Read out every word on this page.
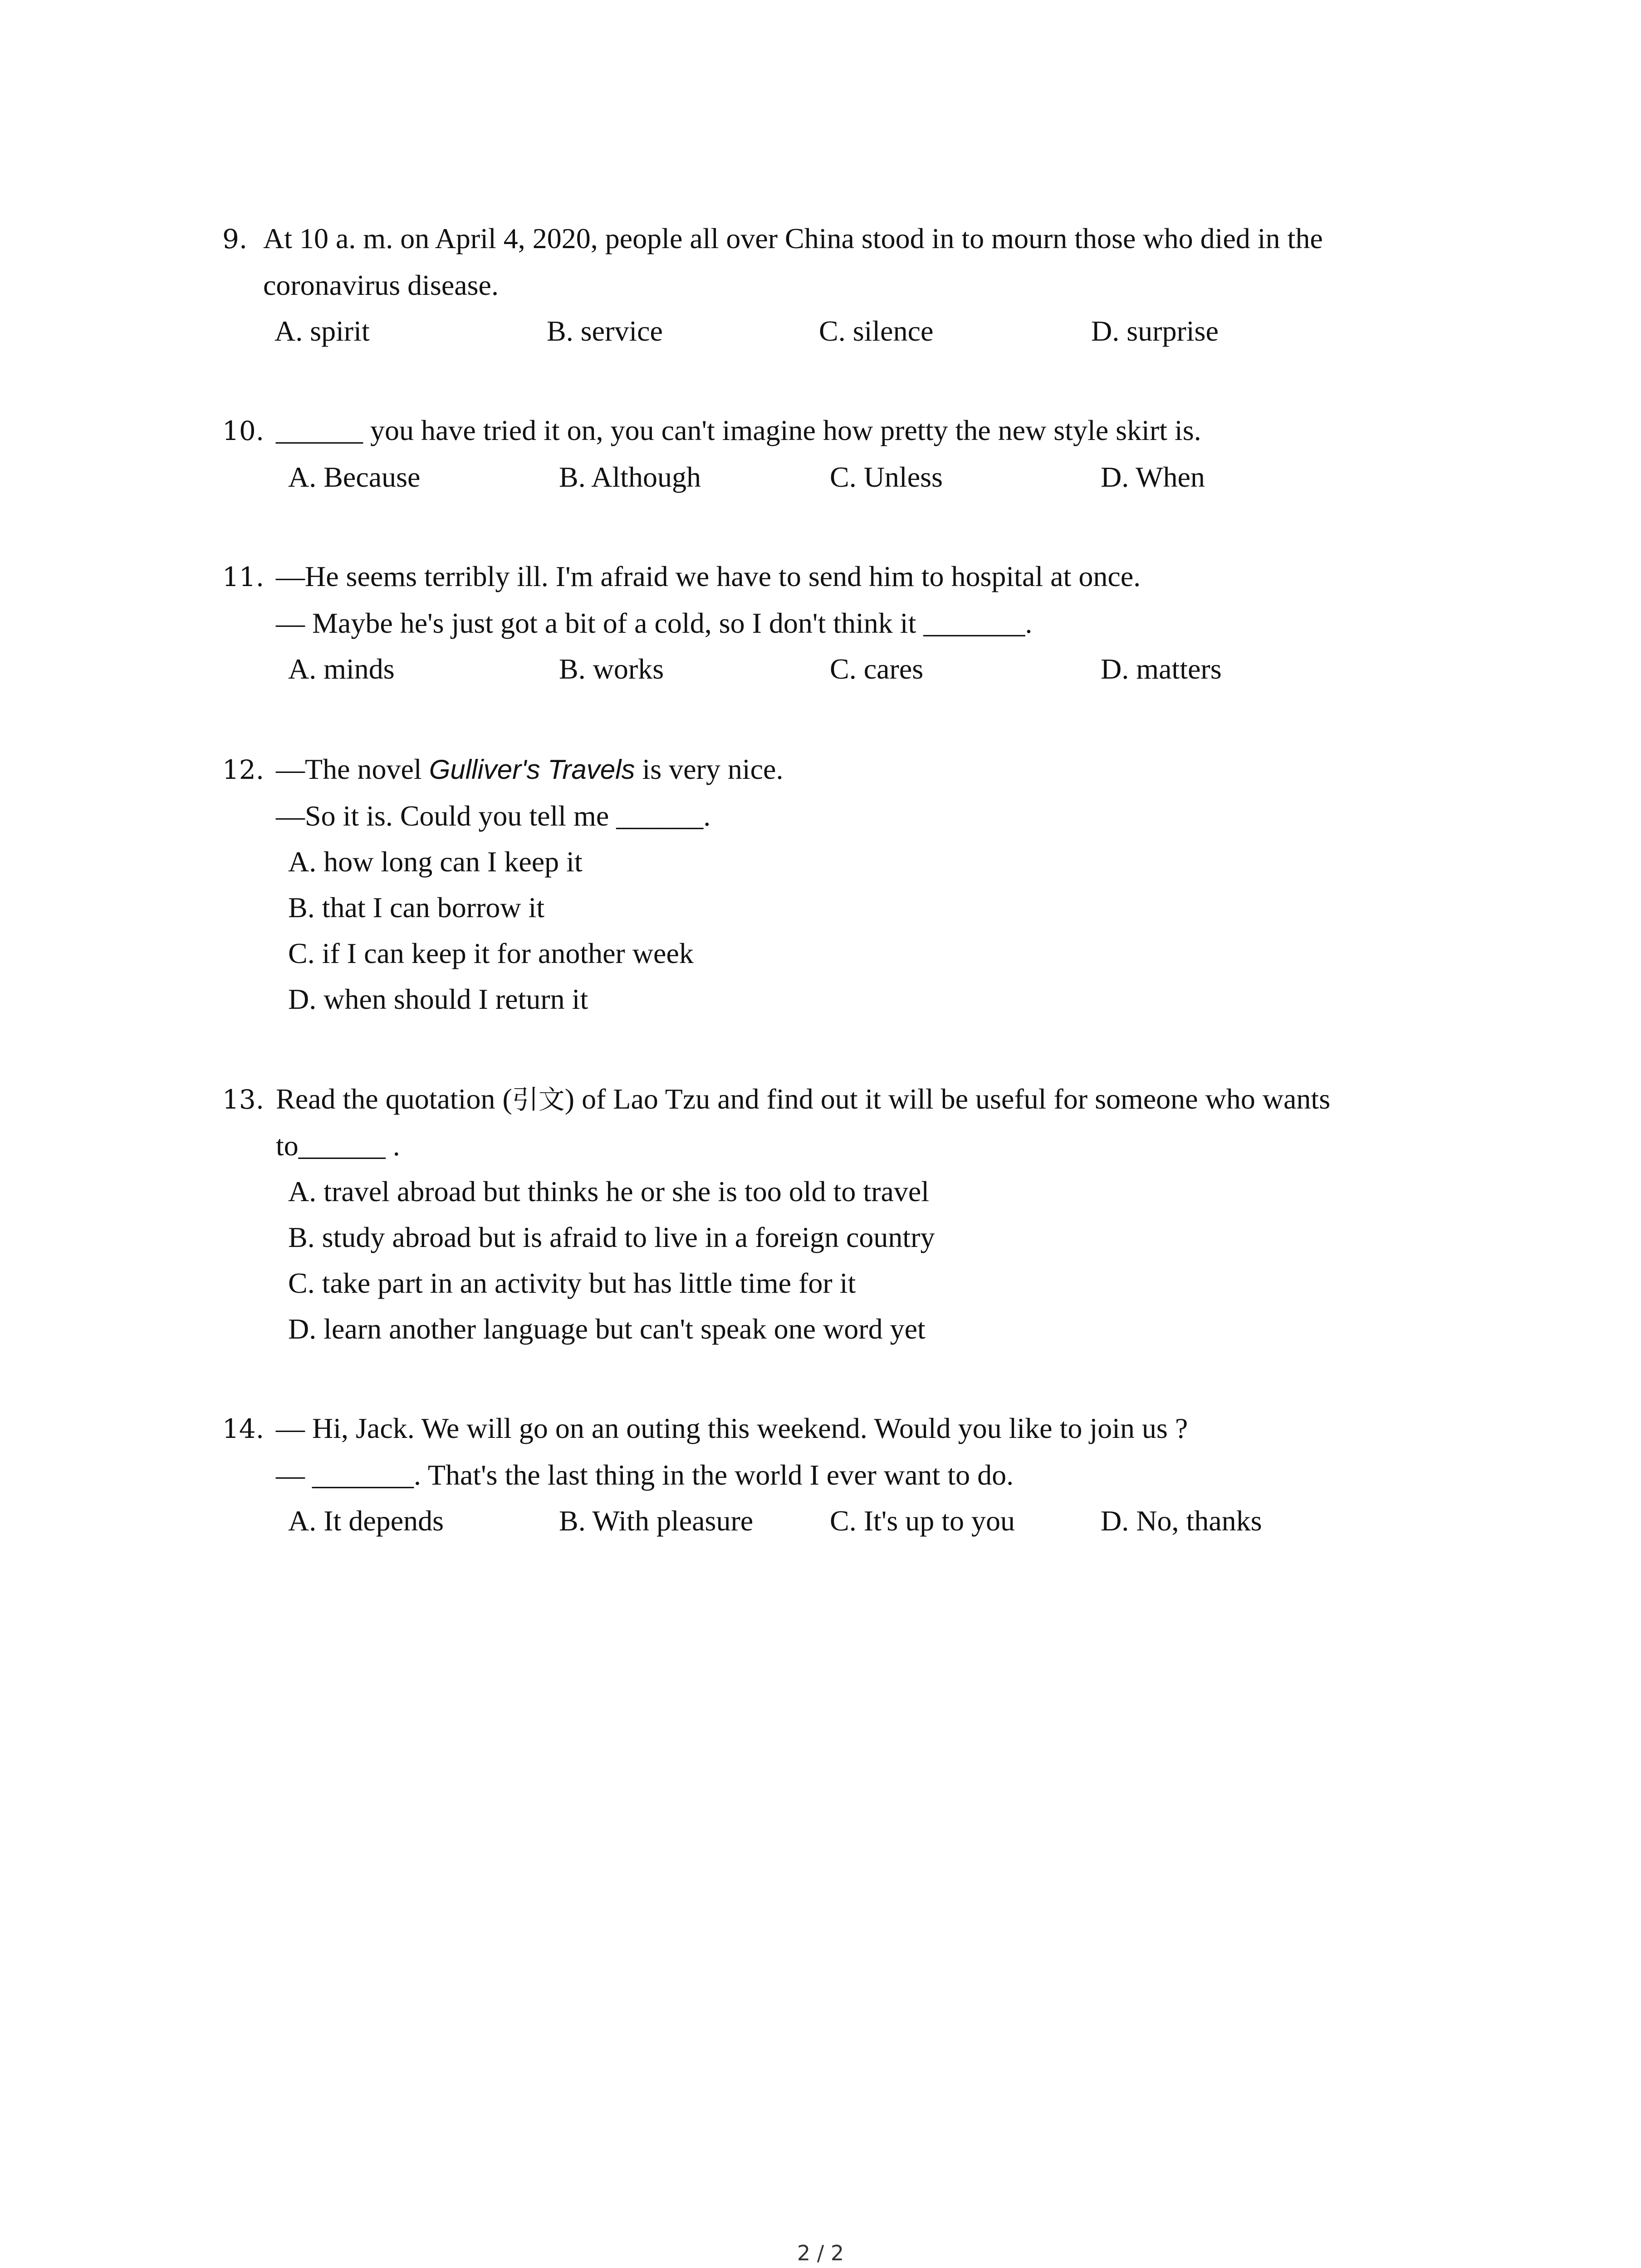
9. At 10 a. m. on April 4, 2020, people all over China stood in to mourn those who died in the
coronavirus disease.
A. spirit	B. service	C. silence	D. surprise
10. ______ you have tried it on, you can't imagine how pretty the new style skirt is.
A. Because	B. Although	C. Unless	D. When
11. —He seems terribly ill. I'm afraid we have to send him to hospital at once.
— Maybe he's just got a bit of a cold, so I don't think it _______.
A. minds	B. works	C. cares	D. matters
12. —The novel Gulliver's Travels is very nice.
—So it is. Could you tell me ______.
A. how long can I keep it
B. that I can borrow it
C. if I can keep it for another week
D. when should I return it
13. Read the quotation (引文) of Lao Tzu and find out it will be useful for someone who wants
to______ .
A. travel abroad but thinks he or she is too old to travel
B. study abroad but is afraid to live in a foreign country
C. take part in an activity but has little time for it
D. learn another language but can't speak one word yet
14. — Hi, Jack. We will go on an outing this weekend. Would you like to join us ?
— _______. That's the last thing in the world I ever want to do.
A. It depends	B. With pleasure	C. It's up to you	D. No, thanks
2 / 2
